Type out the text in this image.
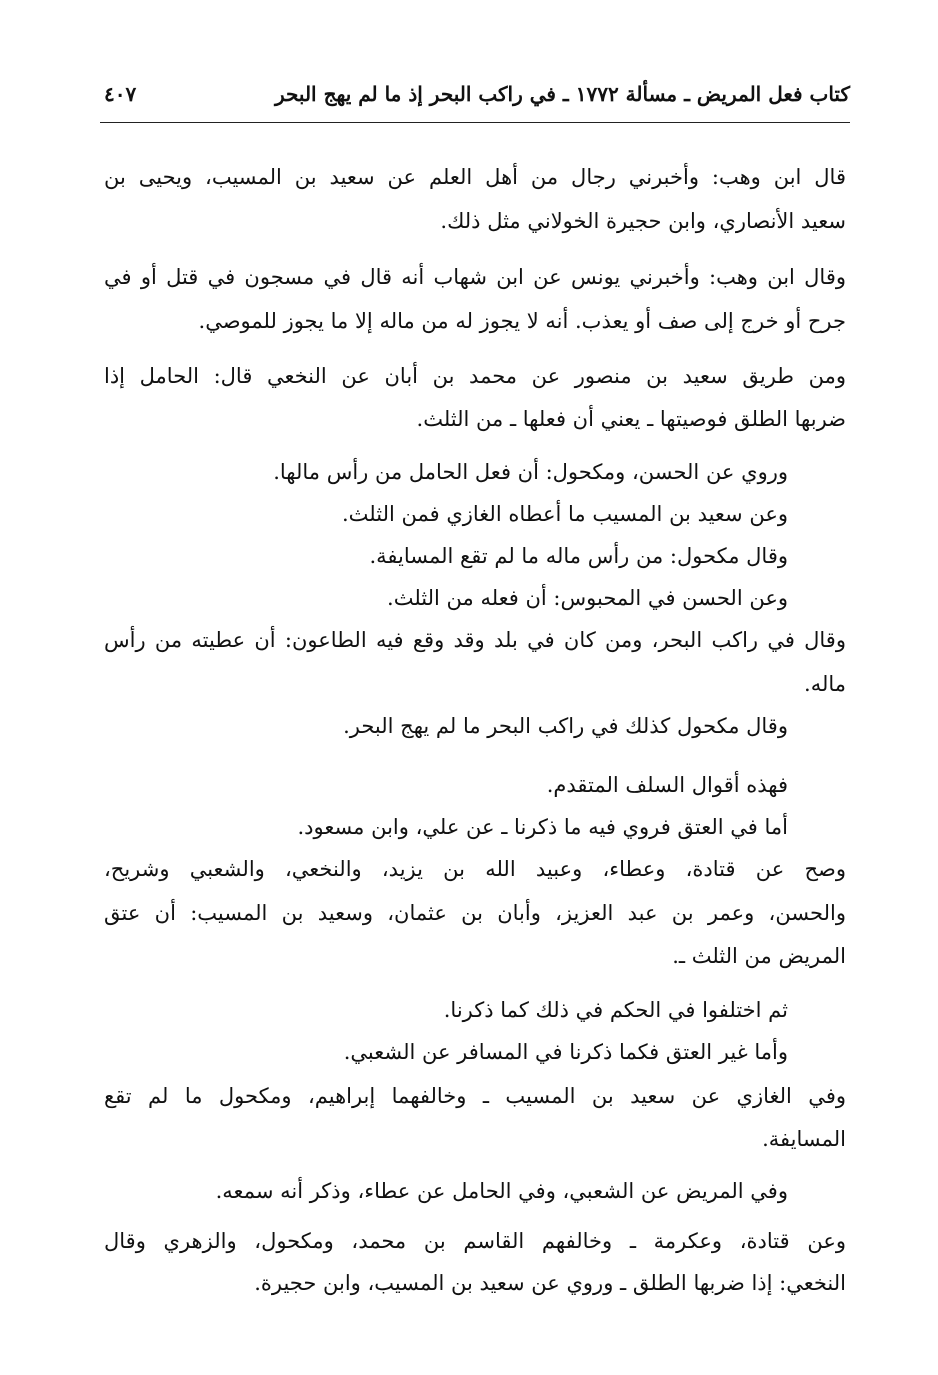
كتاب فعل المريض ـ مسألة ١٧٧٢ ـ في راكب البحر إذ ما لم يهج البحر
٤٠٧
قال ابن وهب: وأخبرني رجال من أهل العلم عن سعيد بن المسيب، ويحيى بن
سعيد الأنصاري، وابن حجيرة الخولاني مثل ذلك.
وقال ابن وهب: وأخبرني يونس عن ابن شهاب أنه قال في مسجون في قتل أو في
جرح أو خرج إلى صف أو يعذب. أنه لا يجوز له من ماله إلا ما يجوز للموصي.
ومن طريق سعيد بن منصور عن محمد بن أبان عن النخعي قال: الحامل إذا
ضربها الطلق فوصيتها ـ يعني أن فعلها ـ من الثلث.
وروي عن الحسن، ومكحول: أن فعل الحامل من رأس مالها.
وعن سعيد بن المسيب ما أعطاه الغازي فمن الثلث.
وقال مكحول: من رأس ماله ما لم تقع المسايفة.
وعن الحسن في المحبوس: أن فعله من الثلث.
وقال في راكب البحر، ومن كان في بلد وقد وقع فيه الطاعون: أن عطيته من رأس
ماله.
وقال مكحول كذلك في راكب البحر ما لم يهج البحر.
فهذه أقوال السلف المتقدم.
أما في العتق فروي فيه ما ذكرنا ـ عن علي، وابن مسعود.
وصح عن قتادة، وعطاء، وعبيد الله بن يزيد، والنخعي، والشعبي وشريح،
والحسن، وعمر بن عبد العزيز، وأبان بن عثمان، وسعيد بن المسيب: أن عتق
المريض من الثلث ـ.
ثم اختلفوا في الحكم في ذلك كما ذكرنا.
وأما غير العتق فكما ذكرنا في المسافر عن الشعبي.
وفي الغازي عن سعيد بن المسيب ـ وخالفهما إبراهيم، ومكحول ما لم تقع
المسايفة.
وفي المريض عن الشعبي، وفي الحامل عن عطاء، وذكر أنه سمعه.
وعن قتادة، وعكرمة ـ وخالفهم القاسم بن محمد، ومكحول، والزهري وقال
النخعي: إذا ضربها الطلق ـ وروي عن سعيد بن المسيب، وابن حجيرة.
